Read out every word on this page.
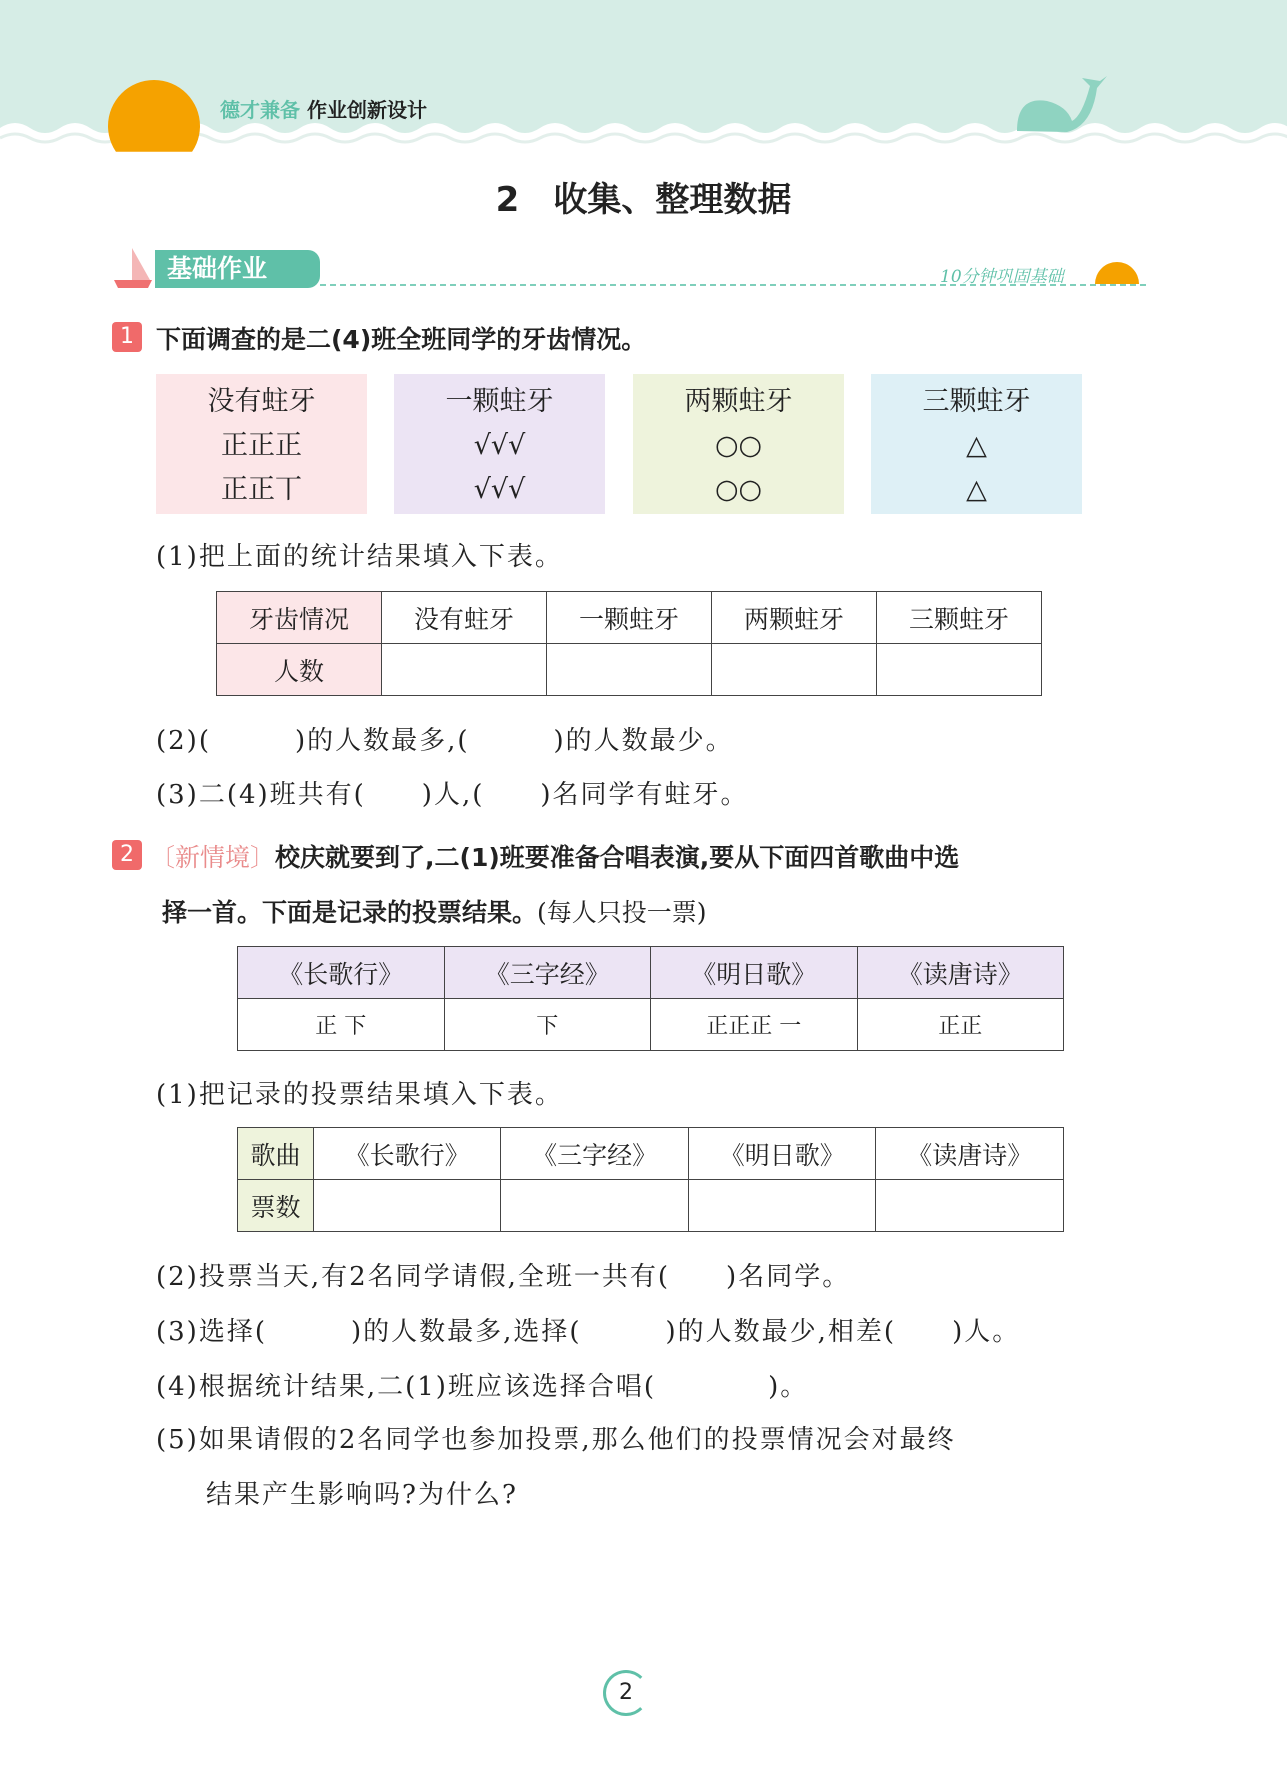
德才兼备 作业创新设计
2　收集、整理数据
基础作业	10分钟巩固基础
1 下面调查的是二(4)班全班同学的牙齿情况。
没有蛀牙
正正正
正正丅
一颗蛀牙
√√√
√√√
两颗蛀牙
○○
○○
三颗蛀牙
△
△
(1)把上面的统计结果填入下表。
牙齿情况	没有蛀牙	一颗蛀牙	两颗蛀牙	三颗蛀牙
人数				
(2)(　　　)的人数最多,(　　　)的人数最少。
(3)二(4)班共有(　　)人,(　　)名同学有蛀牙。
2 〔新情境〕校庆就要到了,二(1)班要准备合唱表演,要从下面四首歌曲中选
择一首。下面是记录的投票结果。(每人只投一票)
《长歌行》	《三字经》	《明日歌》	《读唐诗》
正 下	下	正正正 一	正正
(1)把记录的投票结果填入下表。
歌曲	《长歌行》	《三字经》	《明日歌》	《读唐诗》
票数				
(2)投票当天,有2名同学请假,全班一共有(　　)名同学。
(3)选择(　　　)的人数最多,选择(　　　)的人数最少,相差(　　)人。
(4)根据统计结果,二(1)班应该选择合唱(　　　　)。
(5)如果请假的2名同学也参加投票,那么他们的投票情况会对最终
结果产生影响吗?为什么?
2
